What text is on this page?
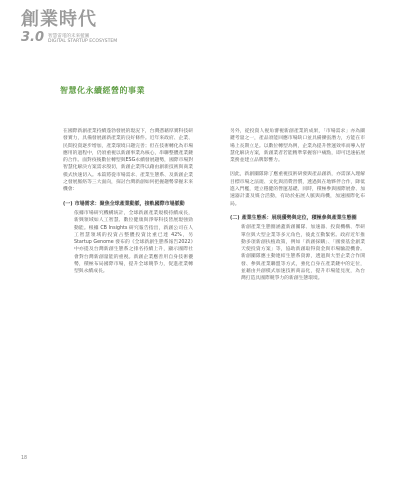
創業時代
3.0 智慧雷電的未來藍圖
DIGITAL STARTUP ECOSYSTEM
智慧化永續經營的事業

在國際新創產業持續蓬勃發展的現況下，台灣憑藉厚實科技研發實力，具備發展創新產業的良好條件。近年來政府、企業、民間投資逐步增加，產業環境日趨完善；但在技術轉化為市場應用的過程中，仍須重視以新創事業為核心，串聯整體產業鏈的合作。面對疫後數位轉型與ESG永續發展趨勢，國際市場對智慧化解決方案需求殷切，新創企業得以藉由創新技術與商業模式快速切入。本篇將從市場需求、產業生態系、及新創企業之發展脈絡等三大面向，探討台灣新創如何把握趨勢掌握未來機會：

(一) 市場需求：聚焦全球產業動脈，接軌國際市場脈動

依據市場研究機構統計，全球新創產業規模持續成長，新興領域如人工智慧、數位健康與淨零科技皆展現強勁動能。根據 CB Insights 研究報告指出，新創公司在人工智慧領域的投資占整體投資比重已達 42%，另 Startup Genome 發布的《全球新創生態系報告2022》中亦提及台灣新創生態系之排名持續上升，顯示國際社會對台灣新創量能的重視。新創企業應善用自身技術優勢，積極布局國際市場，提升全球競爭力，促進產業轉型與永續成長。

另外，從投資人視角審視新創產業的成果，「市場需求」亦為關鍵考量之一，產品須能回應市場缺口並具備擴張潛力，方能在市場上長期立足。以數位轉型為例，企業為提升營運效率而導入智慧化解決方案，新創業者若能精準掌握客戶痛點，即可迅速拓展業務並建立品牌影響力。

因此，新創團隊除了應重視技術研發與產品創新，亦需深入理解目標市場之法規、文化與消費習慣，透過與在地夥伴合作，降低進入門檻，建立穩健的營運基礎。同時，積極參與國際展會、加速器計畫及媒合活動，有助於拓展人脈與商機，加速國際化布局。

(二) 產業生態系：展現優勢與定位，積極參與產業生態圈

新創產業生態圈涵蓋新創團隊、加速器、投資機構、學研單位與大型企業等多元角色，彼此互動緊密。政府近年推動多項新創扶植政策，例如「新創採購」、「國發基金創業天使投資方案」等，協助新創取得資金與市場驗證機會。新創團隊應主動連結生態系資源，透過與大型企業合作開發、參與產業聯盟等方式，強化自身在產業鏈中的定位，並藉由共創模式加速技術商品化，提升市場能見度，為台灣打造具國際競爭力的新創生態環境。

18
